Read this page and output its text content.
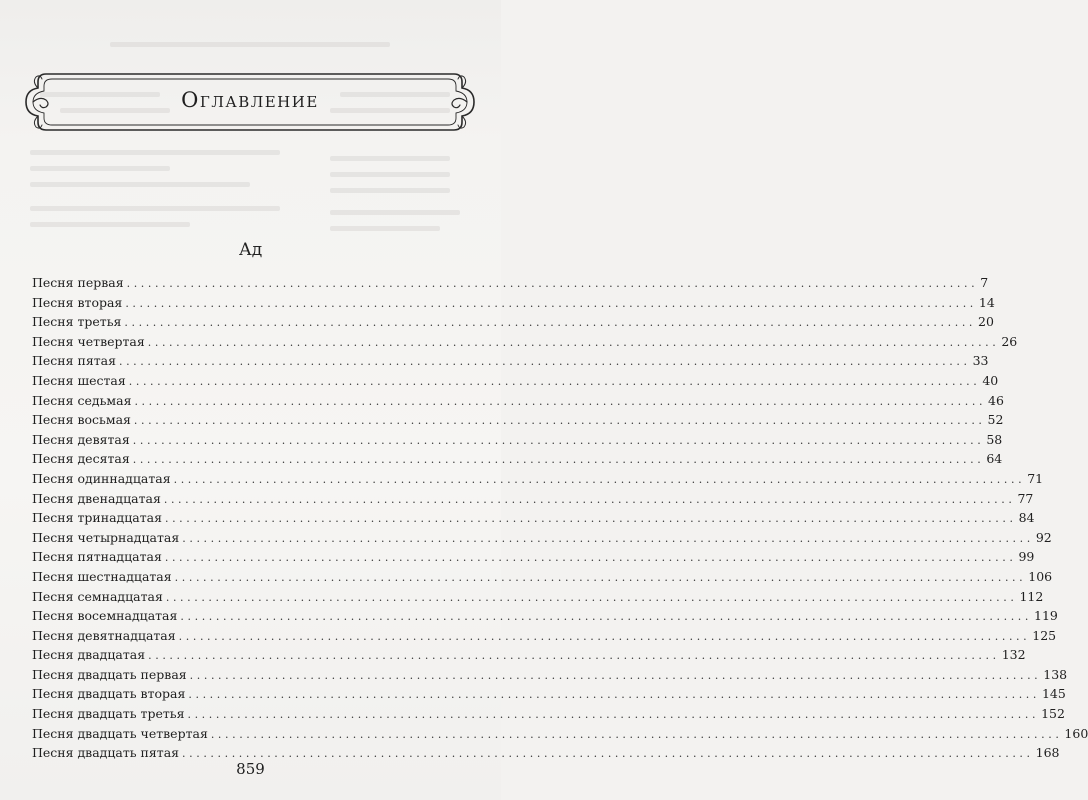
Оглавление
Ад
Песня первая ........................................................................................................................ 7
Песня вторая ........................................................................................................................ 14
Песня третья ........................................................................................................................ 20
Песня четвертая ........................................................................................................................ 26
Песня пятая ........................................................................................................................ 33
Песня шестая ........................................................................................................................ 40
Песня седьмая ........................................................................................................................ 46
Песня восьмая ........................................................................................................................ 52
Песня девятая ........................................................................................................................ 58
Песня десятая ........................................................................................................................ 64
Песня одиннадцатая ........................................................................................................................ 71
Песня двенадцатая ........................................................................................................................ 77
Песня тринадцатая ........................................................................................................................ 84
Песня четырнадцатая ........................................................................................................................ 92
Песня пятнадцатая ........................................................................................................................ 99
Песня шестнадцатая ........................................................................................................................ 106
Песня семнадцатая ........................................................................................................................ 112
Песня восемнадцатая ........................................................................................................................ 119
Песня девятнадцатая ........................................................................................................................ 125
Песня двадцатая ........................................................................................................................ 132
Песня двадцать первая ........................................................................................................................ 138
Песня двадцать вторая ........................................................................................................................ 145
Песня двадцать третья ........................................................................................................................ 152
Песня двадцать четвертая ........................................................................................................................ 160
Песня двадцать пятая ........................................................................................................................ 168
859
